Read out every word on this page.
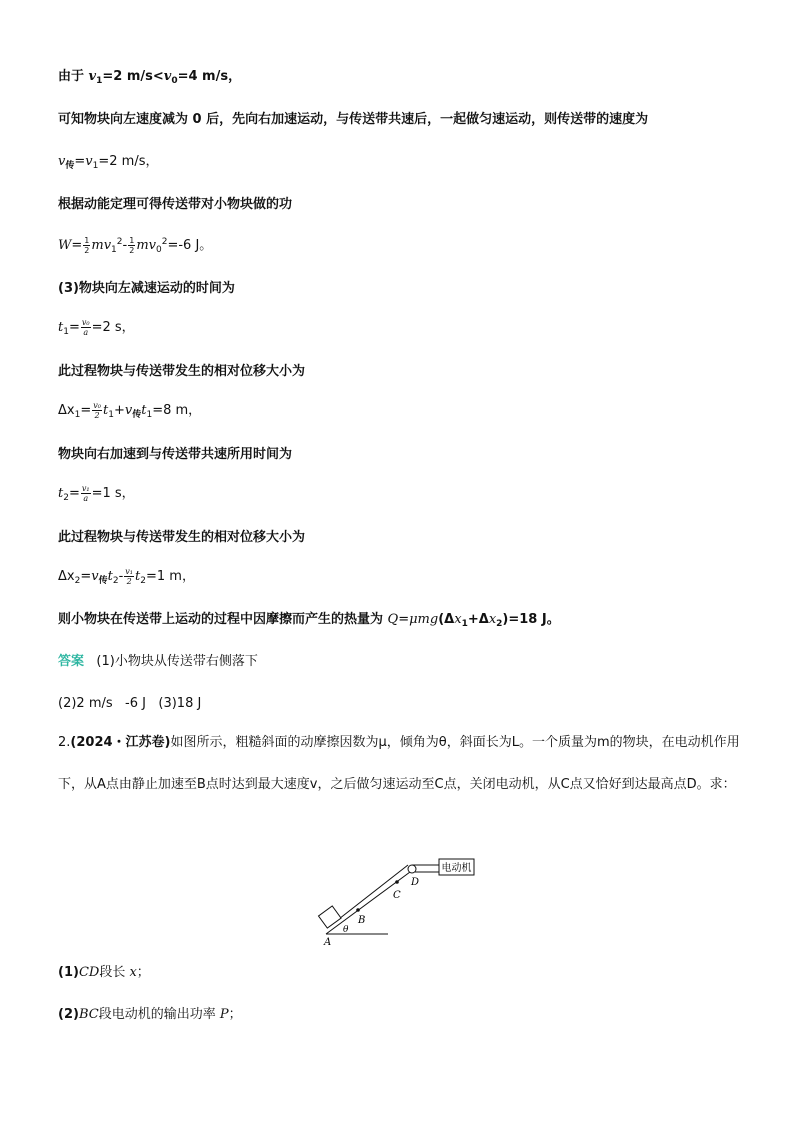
由于 $v_1=2$ $m/s<v_0=4$ m/s，
可知物块向左速度减为 0 后，先向右加速运动，与传送带共速后，一起做匀速运动，则传送带的速度为
$v_传=v_1=2$ m/s，
根据动能定理可得传送带对小物块做的功
$W= \frac{1}{2} mv_1^2- \frac{1}{2} mv_0^2=-6$ J。
(3)物块向左减速运动的时间为
$t_1= \frac{\text{v₀}}{a} =2$ s，
此过程物块与传送带发生的相对位移大小为
$\Delta x_1= \frac{\text{v₀}}{2} t_1+v_传t_1=8$ m，
物块向右加速到与传送带共速所用时间为
$t_2= \frac{\text{v₁}}{a} =1$ s，
此过程物块与传送带发生的相对位移大小为
$\Delta x_2=v_传t_2- \frac{\text{v₁}}{2} t_2=1$ m，
则小物块在传送带上运动的过程中因摩擦而产生的热量为 $Q=\mu mg(\Delta x_1+\Delta x_2)=18$ J。
答案 (1)小物块从传送带右侧落下
(2)2 m/s -6 J (3)18 J
2.(2024・江苏卷)如图所示，粗糙斜面的动摩擦因数为μ，倾角为θ，斜面长为L。一个质量为m的物块，在电动机作用下，从A点由静止加速至B点时达到最大速度v，之后做匀速运动至C点，关闭电动机，从C点又恰好到达最高点D。求：
电动机
A
B
C
D
θ
(1)CD段长 x；
(2)BC段电动机的输出功率 P；
